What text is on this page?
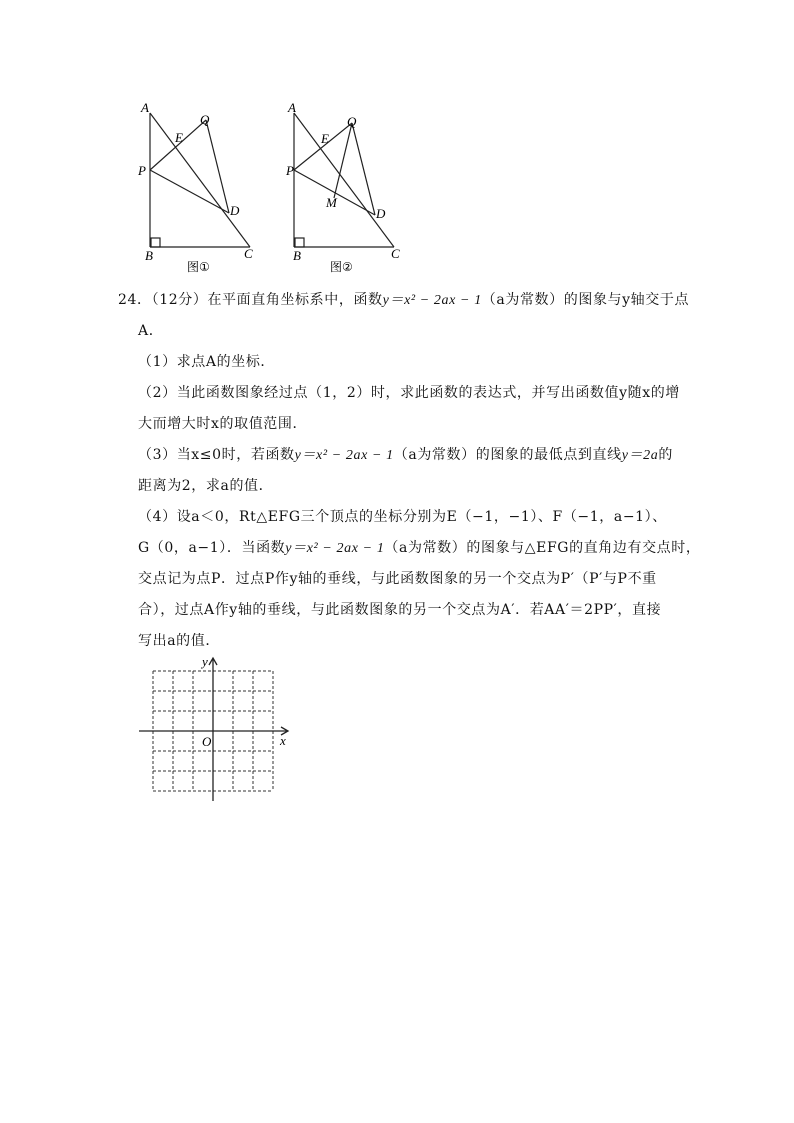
A
E
Q
P
D
B	C
图①
A
E
Q
P
M
D
B	C
图②
24．（12分）在平面直角坐标系中，函数y＝x² − 2ax − 1（a为常数）的图象与y轴交于点
A．
（1）求点A的坐标．
（2）当此函数图象经过点（1，2）时，求此函数的表达式，并写出函数值y随x的增
大而增大时x的取值范围．
（3）当x≤0时，若函数y＝x² − 2ax − 1（a为常数）的图象的最低点到直线y＝2a的
距离为2，求a的值．
（4）设a＜0，Rt△EFG三个顶点的坐标分别为E（−1，−1）、F（−1，a−1）、
G（0，a−1）．当函数y＝x² − 2ax − 1（a为常数）的图象与△EFG的直角边有交点时，
交点记为点P．过点P作y轴的垂线，与此函数图象的另一个交点为P′（P′与P不重
合），过点A作y轴的垂线，与此函数图象的另一个交点为A′．若AA′＝2PP′，直接
写出a的值．
x
y
O
